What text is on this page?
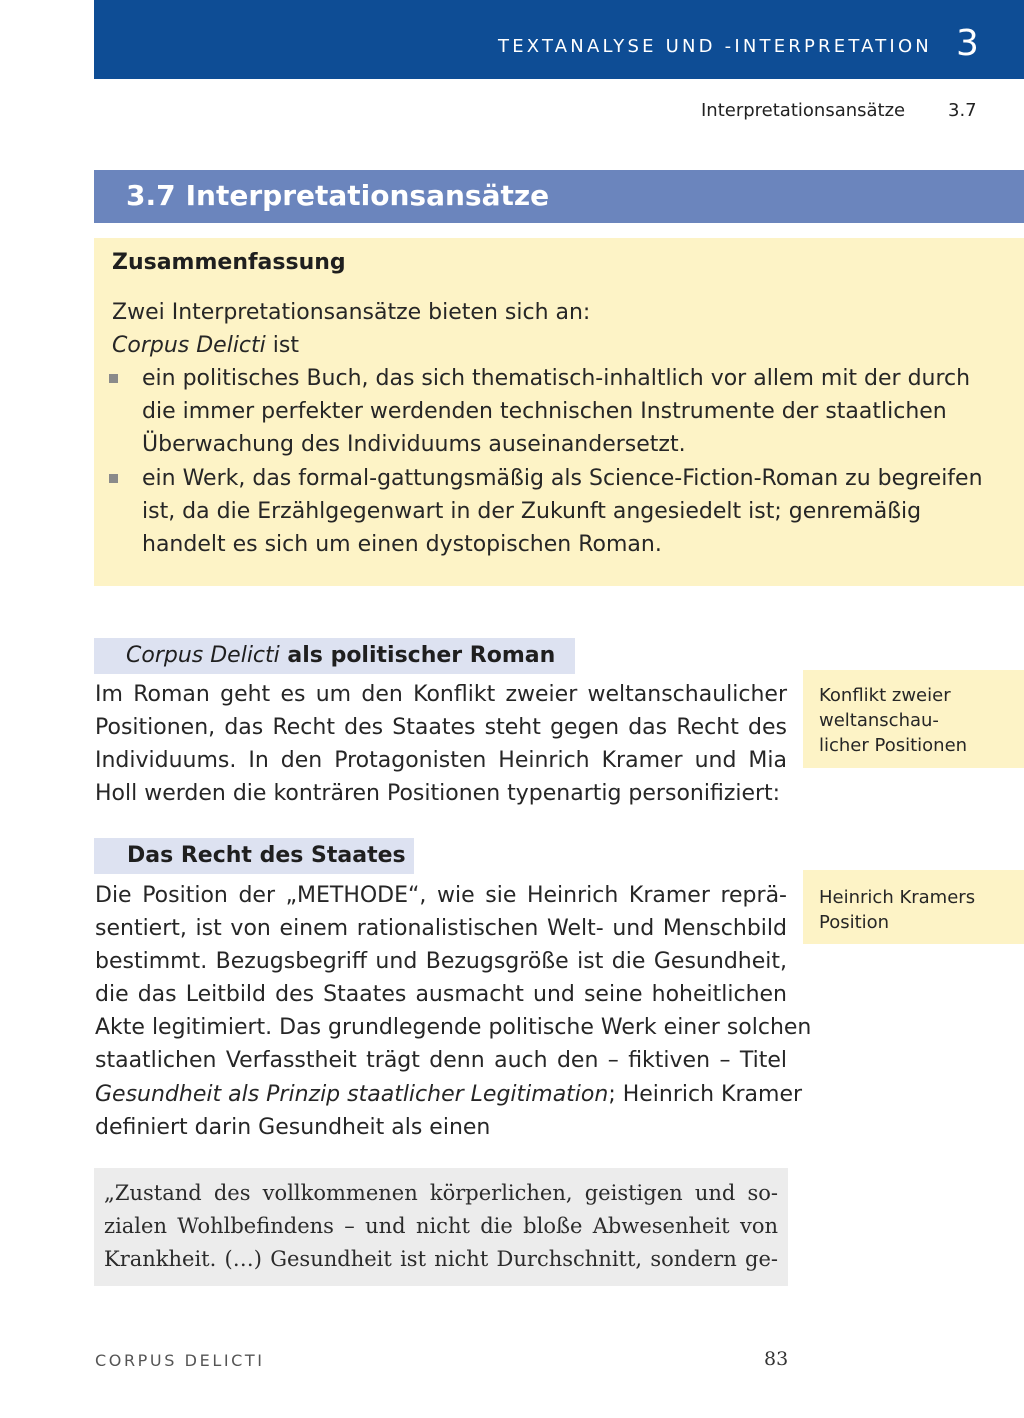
TEXTANALYSE UND -INTERPRETATION 3
Interpretationsansätze 3.7
3.7 Interpretationsansätze
Zusammenfassung
Zwei Interpretationsansätze bieten sich an:
Corpus Delicti ist
ein politisches Buch, das sich thematisch-inhaltlich vor allem mit der durch
die immer perfekter werdenden technischen Instrumente der staatlichen
Überwachung des Individuums auseinandersetzt.
ein Werk, das formal-gattungsmäßig als Science-Fiction-Roman zu begreifen
ist, da die Erzählgegenwart in der Zukunft angesiedelt ist; genremäßig
handelt es sich um einen dystopischen Roman.
Corpus Delicti als politischer Roman
Im Roman geht es um den Konflikt zweier weltanschaulicher
Positionen, das Recht des Staates steht gegen das Recht des
Individuums. In den Protagonisten Heinrich Kramer und Mia
Holl werden die konträren Positionen typenartig personifiziert:
Konflikt zweier
weltanschau-
licher Positionen
Das Recht des Staates
Die Position der „METHODE“, wie sie Heinrich Kramer reprä-
sentiert, ist von einem rationalistischen Welt- und Menschbild
bestimmt. Bezugsbegriff und Bezugsgröße ist die Gesundheit,
die das Leitbild des Staates ausmacht und seine hoheitlichen
Akte legitimiert. Das grundlegende politische Werk einer solchen
staatlichen Verfasstheit trägt denn auch den – fiktiven – Titel
Gesundheit als Prinzip staatlicher Legitimation; Heinrich Kramer
definiert darin Gesundheit als einen
Heinrich Kramers
Position
„Zustand des vollkommenen körperlichen, geistigen und so-
zialen Wohlbefindens – und nicht die bloße Abwesenheit von
Krankheit. (…) Gesundheit ist nicht Durchschnitt, sondern ge-
CORPUS DELICTI	83
